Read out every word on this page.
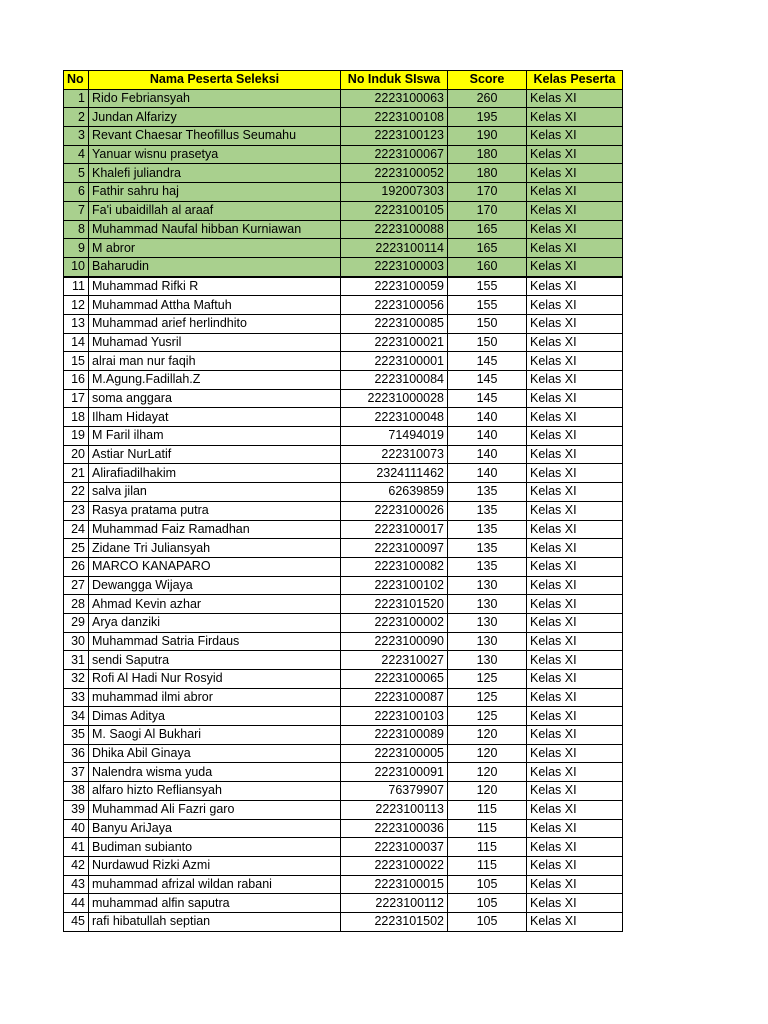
No	Nama Peserta Seleksi	No Induk SIswa	Score	Kelas Peserta
1	Rido Febriansyah	2223100063	260	Kelas XI
2	Jundan Alfarizy	2223100108	195	Kelas XI
3	Revant Chaesar Theofillus Seumahu	2223100123	190	Kelas XI
4	Yanuar wisnu prasetya	2223100067	180	Kelas XI
5	Khalefi juliandra	2223100052	180	Kelas XI
6	Fathir sahru haj	192007303	170	Kelas XI
7	Fa'i ubaidillah al araaf	2223100105	170	Kelas XI
8	Muhammad Naufal hibban Kurniawan	2223100088	165	Kelas XI
9	M abror	2223100114	165	Kelas XI
10	Baharudin	2223100003	160	Kelas XI
11	Muhammad Rifki R	2223100059	155	Kelas XI
12	Muhammad Attha Maftuh	2223100056	155	Kelas XI
13	Muhammad arief herlindhito	2223100085	150	Kelas XI
14	Muhamad Yusril	2223100021	150	Kelas XI
15	alrai man nur faqih	2223100001	145	Kelas XI
16	M.Agung.Fadillah.Z	2223100084	145	Kelas XI
17	soma anggara	22231000028	145	Kelas XI
18	Ilham Hidayat	2223100048	140	Kelas XI
19	M Faril ilham	71494019	140	Kelas XI
20	Astiar NurLatif	222310073	140	Kelas XI
21	Alirafiadilhakim	2324111462	140	Kelas XI
22	salva jilan	62639859	135	Kelas XI
23	Rasya pratama putra	2223100026	135	Kelas XI
24	Muhammad Faiz Ramadhan	2223100017	135	Kelas XI
25	Zidane Tri Juliansyah	2223100097	135	Kelas XI
26	MARCO KANAPARO	2223100082	135	Kelas XI
27	Dewangga Wijaya	2223100102	130	Kelas XI
28	Ahmad Kevin azhar	2223101520	130	Kelas XI
29	Arya danziki	2223100002	130	Kelas XI
30	Muhammad Satria Firdaus	2223100090	130	Kelas XI
31	sendi Saputra	222310027	130	Kelas XI
32	Rofi Al Hadi Nur Rosyid	2223100065	125	Kelas XI
33	muhammad ilmi abror	2223100087	125	Kelas XI
34	Dimas Aditya	2223100103	125	Kelas XI
35	M. Saogi Al Bukhari	2223100089	120	Kelas XI
36	Dhika Abil Ginaya	2223100005	120	Kelas XI
37	Nalendra wisma yuda	2223100091	120	Kelas XI
38	alfaro hizto Refliansyah	76379907	120	Kelas XI
39	Muhammad Ali Fazri garo	2223100113	115	Kelas XI
40	Banyu AriJaya	2223100036	115	Kelas XI
41	Budiman subianto	2223100037	115	Kelas XI
42	Nurdawud Rizki Azmi	2223100022	115	Kelas XI
43	muhammad afrizal wildan rabani	2223100015	105	Kelas XI
44	muhammad alfin saputra	2223100112	105	Kelas XI
45	rafi hibatullah septian	2223101502	105	Kelas XI
